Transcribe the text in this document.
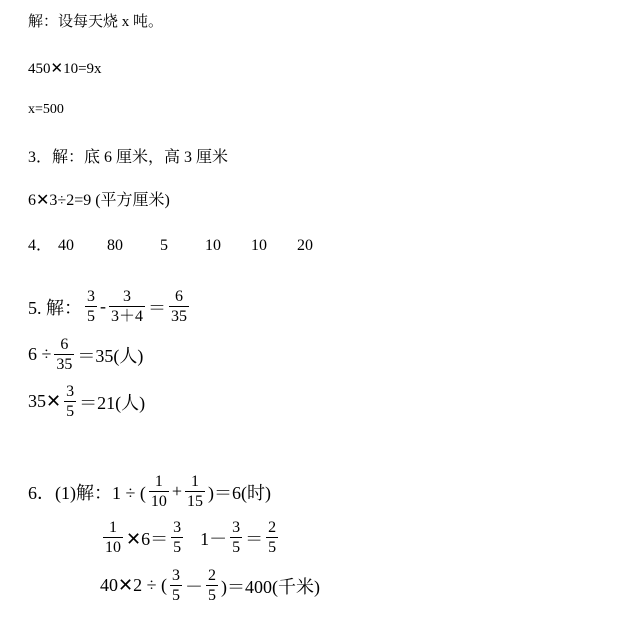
解：设每天烧 x 吨。
450✕10=9x
x=500
3．解：底 6 厘米，高 3 厘米
6✕3÷2=9 (平方厘米)
4． 40 80 5 10 10 20
5. 解： $\frac{3}{5} - \frac{3}{3+4} = \frac{6}{35}$
$6 \div \frac{6}{35} =35$(人)
35✕ $\frac{3}{5} =21$(人)
6．(1)解：1 ÷ ( $\frac{1}{10} + \frac{1}{15} )=6$(时)
$\frac{1}{10}$ ✕6＝ $\frac{3}{5} 1- \frac{3}{5} = \frac{2}{5}$
40✕2 ÷ ( $\frac{3}{5} - \frac{2}{5} )=400$(千米)
